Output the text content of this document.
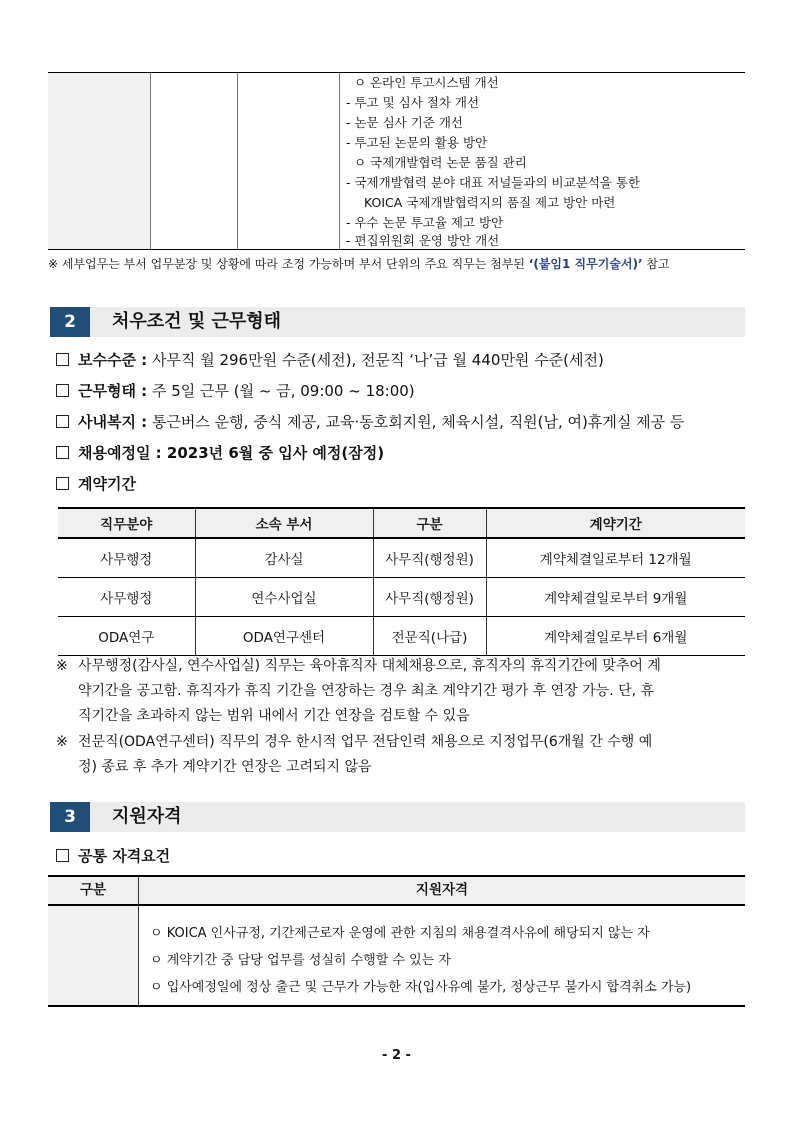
ㅇ 온라인 투고시스템 개선
- 투고 및 심사 절차 개선
- 논문 심사 기준 개선
- 투고된 논문의 활용 방안
ㅇ 국제개발협력 논문 품질 관리
- 국제개발협력 분야 대표 저널들과의 비교분석을 통한
KOICA 국제개발협력지의 품질 제고 방안 마련
- 우수 논문 투고율 제고 방안
- 편집위원회 운영 방안 개선
※ 세부업무는 부서 업무분장 및 상황에 따라 조정 가능하며 부서 단위의 주요 직무는 첨부된 ‘(붙임1 직무기술서)’ 참고
2	처우조건 및 근무형태
보수수준 : 사무직 월 296만원 수준(세전), 전문직 ‘나’급 월 440만원 수준(세전)
근무형태 : 주 5일 근무 (월 ~ 금, 09:00 ~ 18:00)
사내복지 : 통근버스 운행, 중식 제공, 교육·동호회지원, 체육시설, 직원(남, 여)휴게실 제공 등
채용예정일 : 2023년 6월 중 입사 예정(잠정)
계약기간
직무분야	소속 부서	구분	계약기간
사무행정	감사실	사무직(행정원)	계약체결일로부터 12개월
사무행정	연수사업실	사무직(행정원)	계약체결일로부터 9개월
ODA연구	ODA연구센터	전문직(나급)	계약체결일로부터 6개월
※ 사무행정(감사실, 연수사업실) 직무는 육아휴직자 대체채용으로, 휴직자의 휴직기간에 맞추어 계
약기간을 공고함. 휴직자가 휴직 기간을 연장하는 경우 최초 계약기간 평가 후 연장 가능. 단, 휴
직기간을 초과하지 않는 범위 내에서 기간 연장을 검토할 수 있음
※ 전문직(ODA연구센터) 직무의 경우 한시적 업무 전담인력 채용으로 지정업무(6개월 간 수행 예
정) 종료 후 추가 계약기간 연장은 고려되지 않음
3	지원자격
공통 자격요건
구분	지원자격
ㅇ KOICA 인사규정, 기간제근로자 운영에 관한 지침의 채용결격사유에 해당되지 않는 자
ㅇ 계약기간 중 담당 업무를 성실히 수행할 수 있는 자
ㅇ 입사예정일에 정상 출근 및 근무가 가능한 자(입사유예 불가, 정상근무 불가시 합격취소 가능)
- 2 -
